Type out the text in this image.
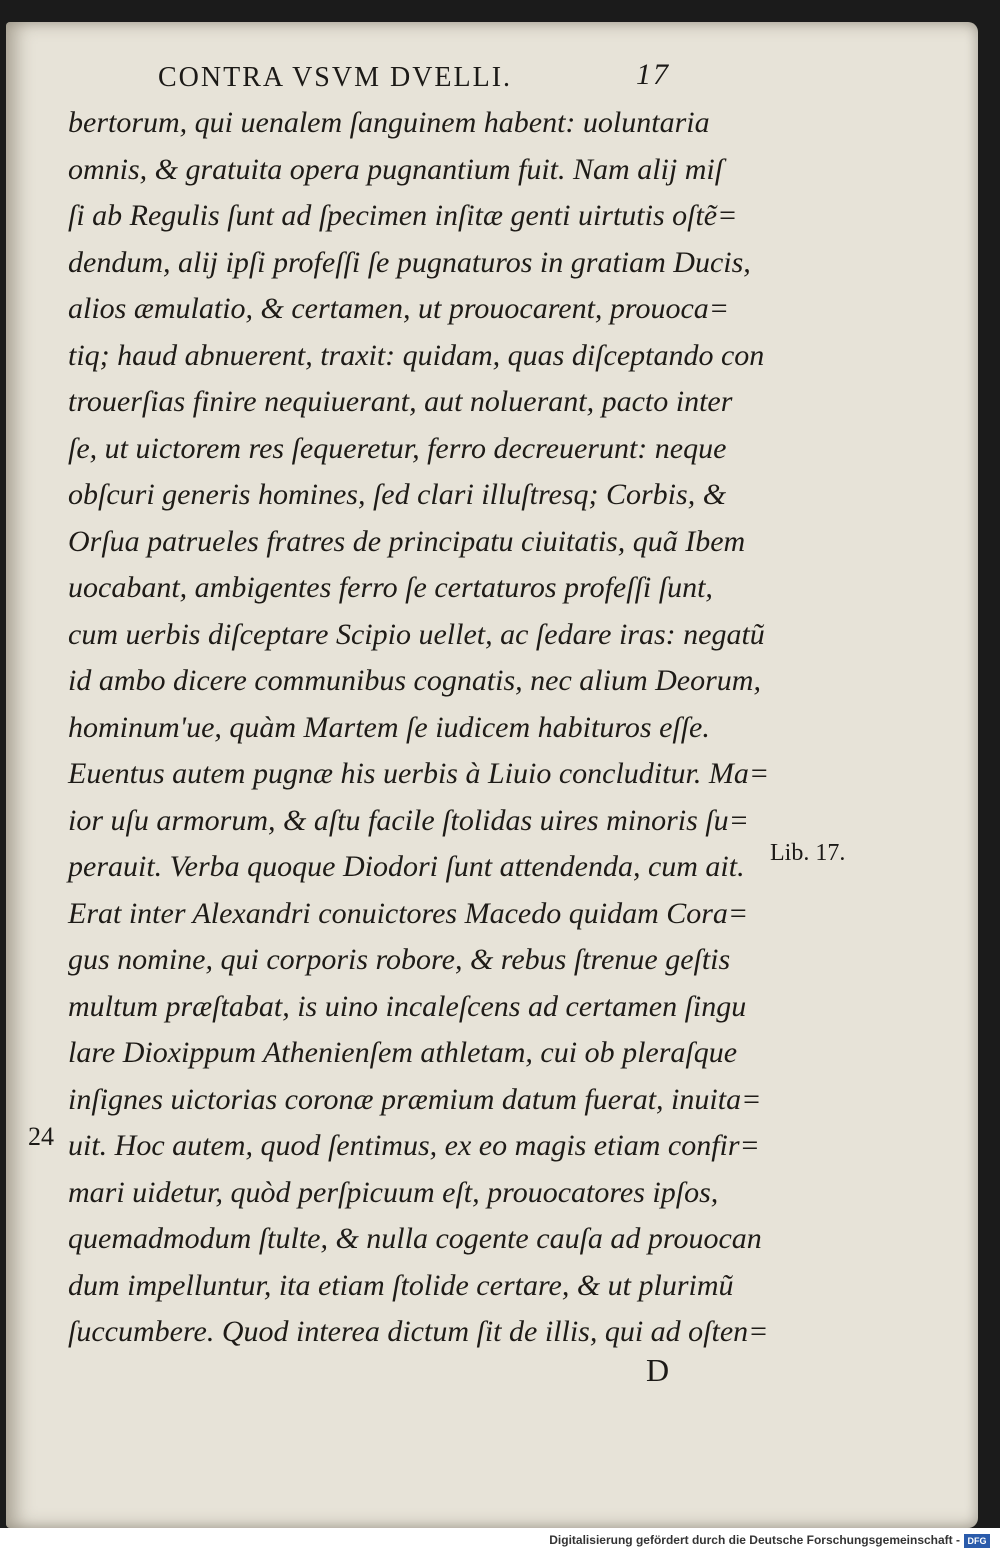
CONTRA VSVM DVELLI.	17
bertorum, qui uenalem ſanguinem habent: uoluntaria
omnis, & gratuita opera pugnantium fuit. Nam alij miſ
ſi ab Regulis ſunt ad ſpecimen inſitæ genti uirtutis oſtẽ=
dendum, alij ipſi profeſſi ſe pugnaturos in gratiam Ducis,
alios æmulatio, & certamen, ut prouocarent, prouoca=
tiq; haud abnuerent, traxit: quidam, quas diſceptando con
trouerſias finire nequiuerant, aut noluerant, pacto inter
ſe, ut uictorem res ſequeretur, ferro decreuerunt: neque
obſcuri generis homines, ſed clari illuſtresq; Corbis, &
Orſua patrueles fratres de principatu ciuitatis, quã Ibem
uocabant, ambigentes ferro ſe certaturos profeſſi ſunt,
cum uerbis diſceptare Scipio uellet, ac ſedare iras: negatũ
id ambo dicere communibus cognatis, nec alium Deorum,
hominum'ue, quàm Martem ſe iudicem habituros eſſe.
Euentus autem pugnæ his uerbis à Liuio concluditur. Ma=
ior uſu armorum, & aſtu facile ſtolidas uires minoris ſu=
perauit. Verba quoque Diodori ſunt attendenda, cum ait.
Erat inter Alexandri conuictores Macedo quidam Cora=
gus nomine, qui corporis robore, & rebus ſtrenue geſtis
multum præſtabat, is uino incaleſcens ad certamen ſingu
lare Dioxippum Athenienſem athletam, cui ob pleraſque
inſignes uictorias coronæ præmium datum fuerat, inuita=
uit. Hoc autem, quod ſentimus, ex eo magis etiam confir=
mari uidetur, quòd perſpicuum eſt, prouocatores ipſos,
quemadmodum ſtulte, & nulla cogente cauſa ad prouocan
dum impelluntur, ita etiam ſtolide certare, & ut plurimũ
ſuccumbere. Quod interea dictum ſit de illis, qui ad oſten=
Lib. 17.
24
D
Digitalisierung gefördert durch die Deutsche Forschungsgemeinschaft - DFG
